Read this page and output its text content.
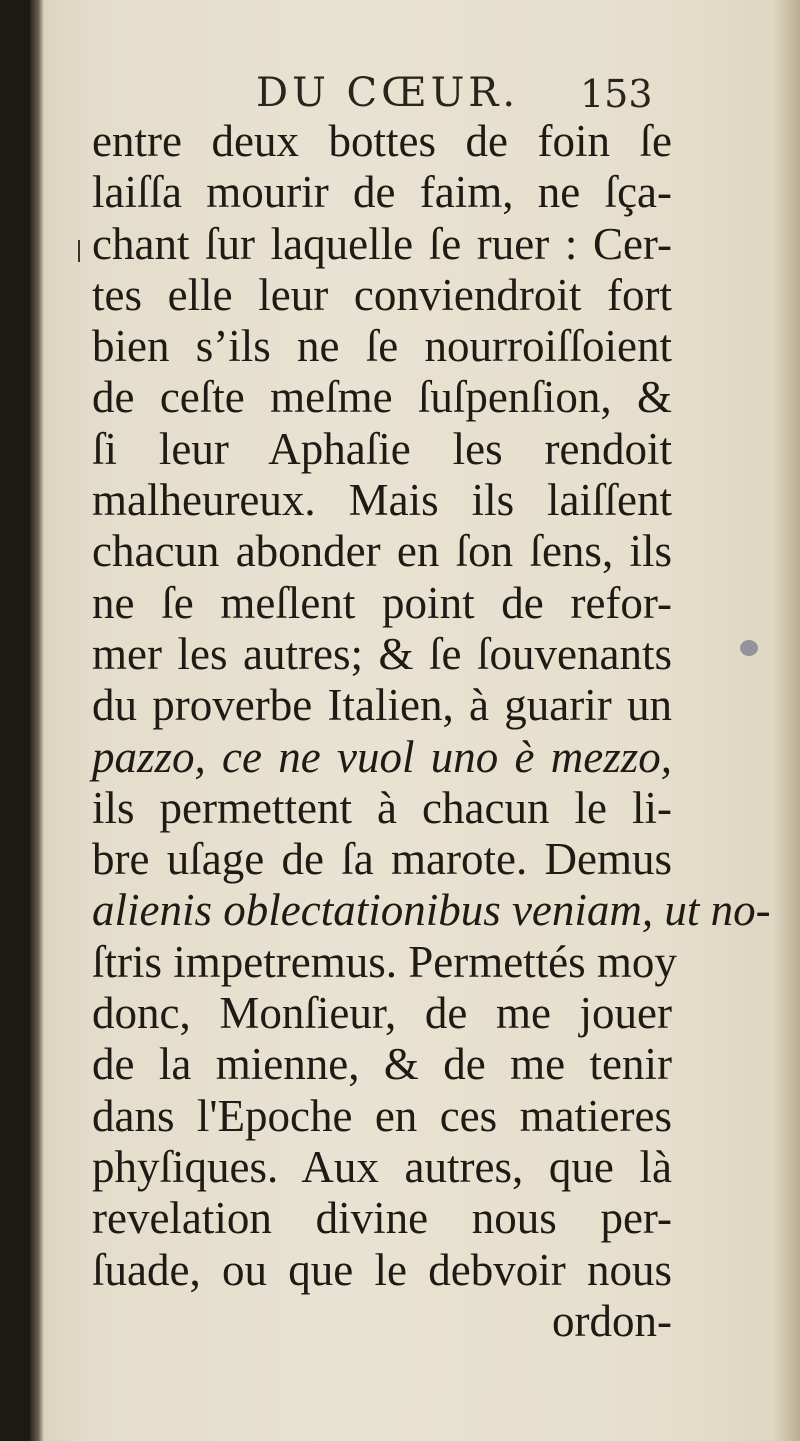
DU CŒUR. 153
entre deux bottes de foin ſe
laiſſa mourir de faim, ne ſça-
chant ſur laquelle ſe ruer : Cer-
tes elle leur conviendroit fort
bien s’ils ne ſe nourroiſſoient
de ceſte meſme ſuſpenſion, &
ſi leur Aphaſie les rendoit
malheureux. Mais ils laiſſent
chacun abonder en ſon ſens, ils
ne ſe meſlent point de refor-
mer les autres; & ſe ſouvenants
du proverbe Italien, à guarir un
pazzo, ce ne vuol uno è mezzo,
ils permettent à chacun le li-
bre uſage de ſa marote. Demus
alienis oblectationibus veniam, ut no-
ſtris impetremus. Permettés moy
donc, Monſieur, de me jouer
de la mienne, & de me tenir
dans l'Epoche en ces matieres
phyſiques. Aux autres, que là
revelation divine nous per-
ſuade, ou que le debvoir nous
ordon-
